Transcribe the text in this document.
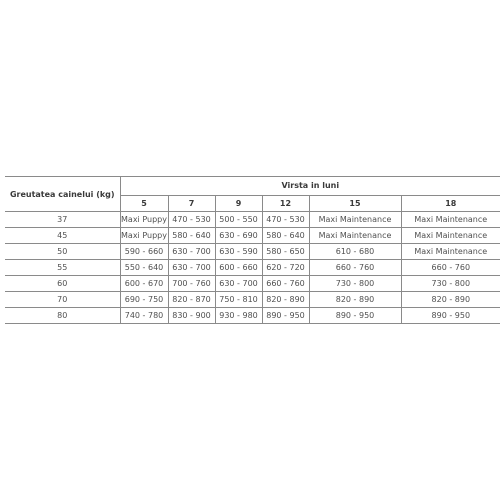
Greutatea cainelui (kg)	Virsta in luni					
	5	7	9	12	15	18
37	Maxi Puppy	470 - 530	500 - 550	470 - 530	Maxi Maintenance	Maxi Maintenance
45	Maxi Puppy	580 - 640	630 - 690	580 - 640	Maxi Maintenance	Maxi Maintenance
50	590 - 660	630 - 700	630 - 590	580 - 650	610 - 680	Maxi Maintenance
55	550 - 640	630 - 700	600 - 660	620 - 720	660 - 760	660 - 760
60	600 - 670	700 - 760	630 - 700	660 - 760	730 - 800	730 - 800
70	690 - 750	820 - 870	750 - 810	820 - 890	820 - 890	820 - 890
80	740 - 780	830 - 900	930 - 980	890 - 950	890 - 950	890 - 950
